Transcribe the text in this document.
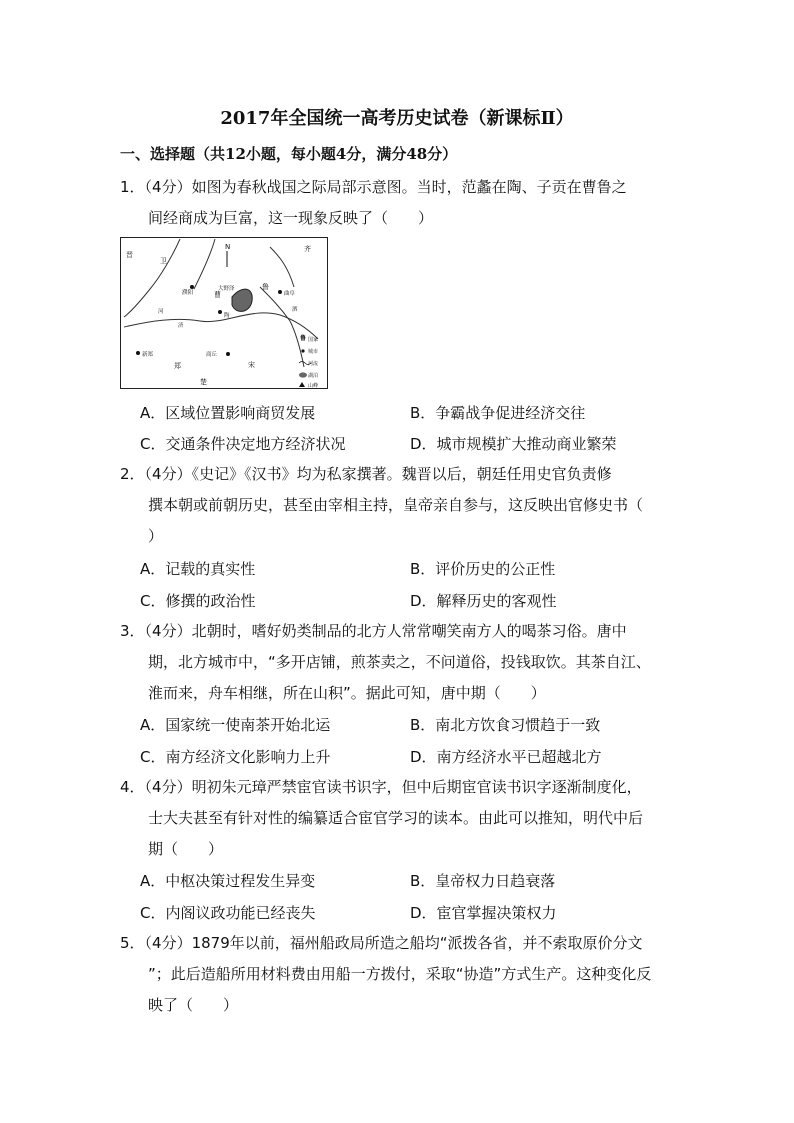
2017年全国统一高考历史试卷（新课标Ⅱ）
一、选择题（共12小题，每小题4分，满分48分）
1．（4分）如图为春秋战国之际局部示意图。当时，范蠡在陶、子贡在曹鲁之
间经商成为巨富，这一现象反映了（　　）
晋
卫
齐
曹
鲁
郑	宋
楚
N
濮阳
大野泽
陶
曲阜
新郑	商丘
河
济
泗
鲁 国家
城市
河流
湖泊
山峰
A．区域位置影响商贸发展	B．争霸战争促进经济交往
C．交通条件决定地方经济状况	D．城市规模扩大推动商业繁荣
2．（4分）《史记》《汉书》均为私家撰著。魏晋以后，朝廷任用史官负责修
撰本朝或前朝历史，甚至由宰相主持，皇帝亲自参与，这反映出官修史书（
）
A．记载的真实性	B．评价历史的公正性
C．修撰的政治性	D．解释历史的客观性
3．（4分）北朝时，嗜好奶类制品的北方人常常嘲笑南方人的喝茶习俗。唐中
期，北方城市中，“多开店铺，煎茶卖之，不问道俗，投钱取饮。其茶自江、
淮而来，舟车相继，所在山积”。据此可知，唐中期（　　）
A．国家统一使南茶开始北运	B．南北方饮食习惯趋于一致
C．南方经济文化影响力上升	D．南方经济水平已超越北方
4．（4分）明初朱元璋严禁宦官读书识字，但中后期宦官读书识字逐渐制度化，
士大夫甚至有针对性的编纂适合宦官学习的读本。由此可以推知，明代中后
期（　　）
A．中枢决策过程发生异变	B．皇帝权力日趋衰落
C．内阁议政功能已经丧失	D．宦官掌握决策权力
5．（4分）1879年以前，福州船政局所造之船均“派拨各省，并不索取原价分文
”；此后造船所用材料费由用船一方拨付，采取“协造”方式生产。这种变化反
映了（　　）
